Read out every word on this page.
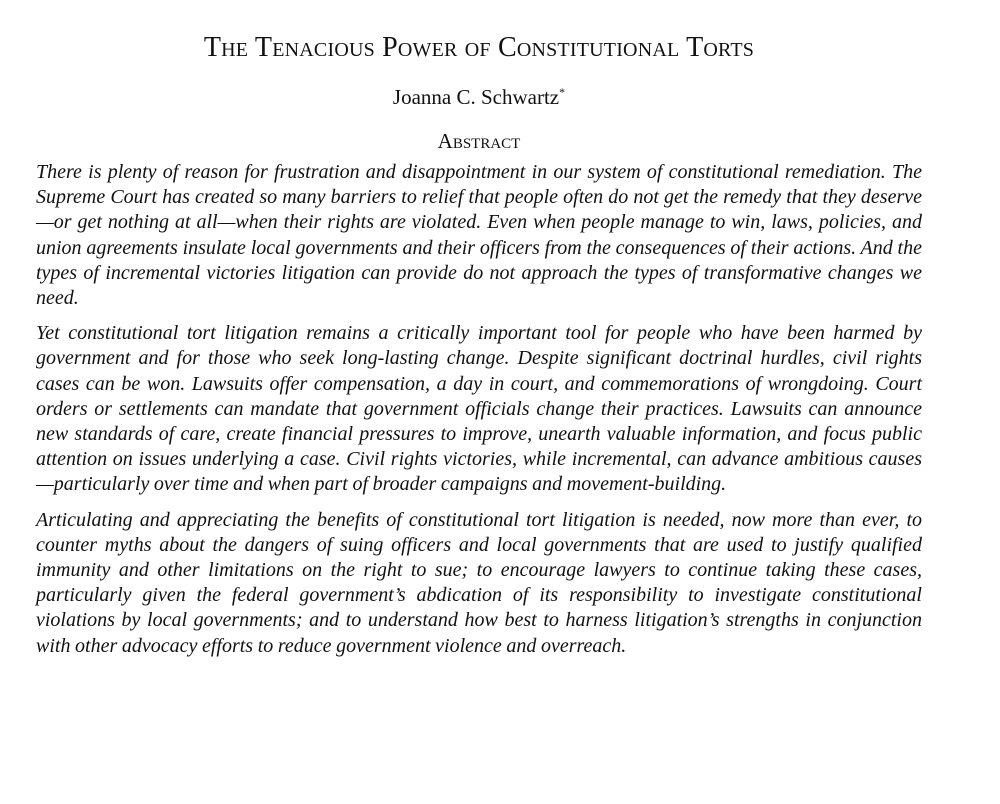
The Tenacious Power of Constitutional Torts

Joanna C. Schwartz*

Abstract

There is plenty of reason for frustration and disappointment in our system of constitutional remediation. The Supreme Court has created so many barriers to relief that people often do not get the remedy that they deserve—or get nothing at all—when their rights are violated. Even when people manage to win, laws, policies, and union agreements insulate local governments and their officers from the consequences of their actions. And the types of incremental victories litigation can provide do not approach the types of transformative changes we need.

Yet constitutional tort litigation remains a critically important tool for people who have been harmed by government and for those who seek long-lasting change. Despite significant doctrinal hurdles, civil rights cases can be won. Lawsuits offer compensation, a day in court, and commemorations of wrongdoing. Court orders or settlements can mandate that government officials change their practices. Lawsuits can announce new standards of care, create financial pressures to improve, unearth valuable information, and focus public attention on issues underlying a case. Civil rights victories, while incremental, can advance ambitious causes—particularly over time and when part of broader campaigns and movement-building.

Articulating and appreciating the benefits of constitutional tort litigation is needed, now more than ever, to counter myths about the dangers of suing officers and local governments that are used to justify qualified immunity and other limitations on the right to sue; to encourage lawyers to continue taking these cases, particularly given the federal government’s abdication of its responsibility to investigate constitutional violations by local governments; and to understand how best to harness litigation’s strengths in conjunction with other advocacy efforts to reduce government violence and overreach.
